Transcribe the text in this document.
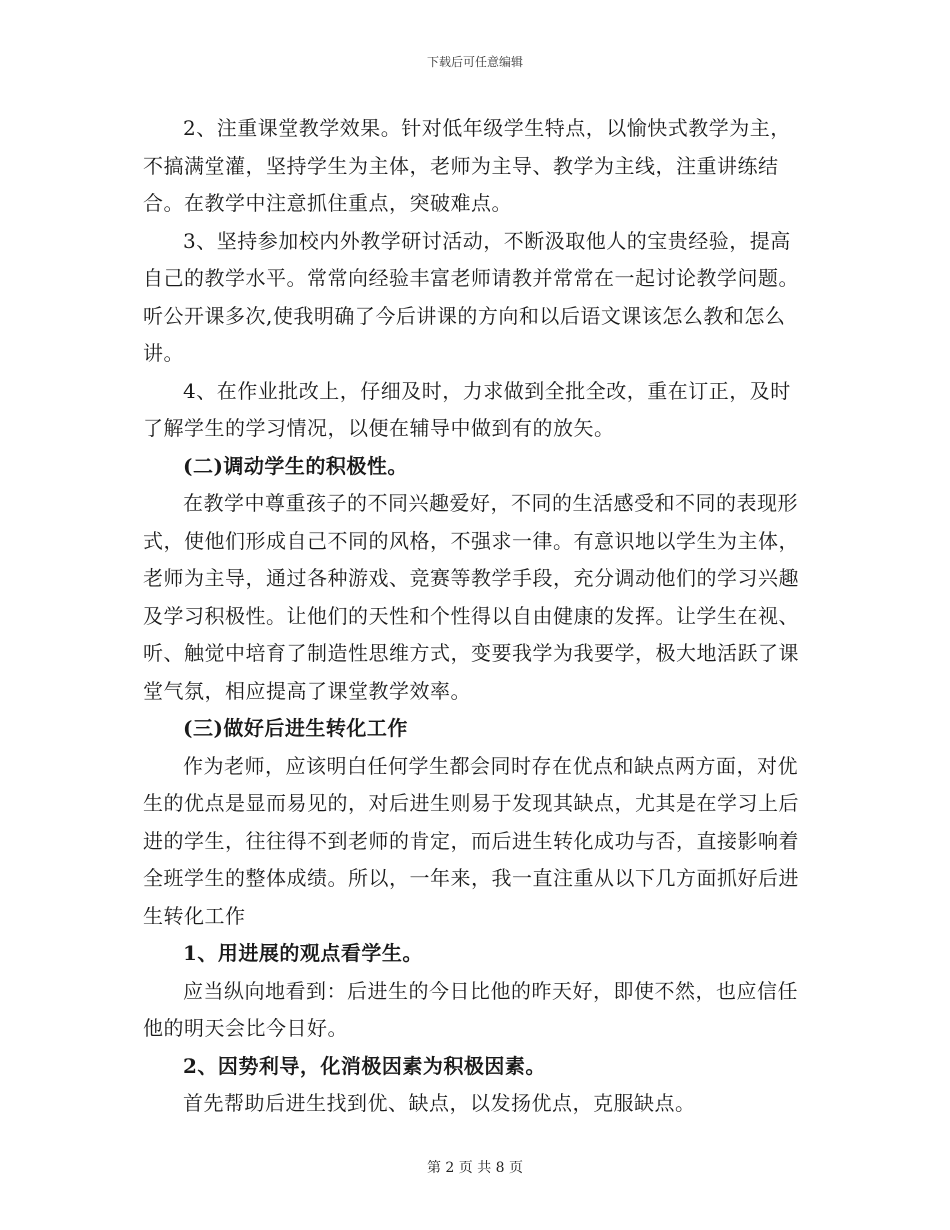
下载后可任意编辑

2、注重课堂教学效果。针对低年级学生特点，以愉快式教学为主，不搞满堂灌，坚持学生为主体，老师为主导、教学为主线，注重讲练结合。在教学中注意抓住重点，突破难点。

3、坚持参加校内外教学研讨活动，不断汲取他人的宝贵经验，提高自己的教学水平。常常向经验丰富老师请教并常常在一起讨论教学问题。听公开课多次,使我明确了今后讲课的方向和以后语文课该怎么教和怎么讲。

4、在作业批改上，仔细及时，力求做到全批全改，重在订正，及时了解学生的学习情况，以便在辅导中做到有的放矢。

(二)调动学生的积极性。

在教学中尊重孩子的不同兴趣爱好，不同的生活感受和不同的表现形式，使他们形成自己不同的风格，不强求一律。有意识地以学生为主体，老师为主导，通过各种游戏、竞赛等教学手段，充分调动他们的学习兴趣及学习积极性。让他们的天性和个性得以自由健康的发挥。让学生在视、听、触觉中培育了制造性思维方式，变要我学为我要学，极大地活跃了课堂气氛，相应提高了课堂教学效率。

(三)做好后进生转化工作

作为老师，应该明白任何学生都会同时存在优点和缺点两方面，对优生的优点是显而易见的，对后进生则易于发现其缺点，尤其是在学习上后进的学生，往往得不到老师的肯定，而后进生转化成功与否，直接影响着全班学生的整体成绩。所以，一年来，我一直注重从以下几方面抓好后进生转化工作

1、用进展的观点看学生。

应当纵向地看到：后进生的今日比他的昨天好，即使不然，也应信任他的明天会比今日好。

2、因势利导，化消极因素为积极因素。

首先帮助后进生找到优、缺点，以发扬优点，克服缺点。

第 2 页 共 8 页
